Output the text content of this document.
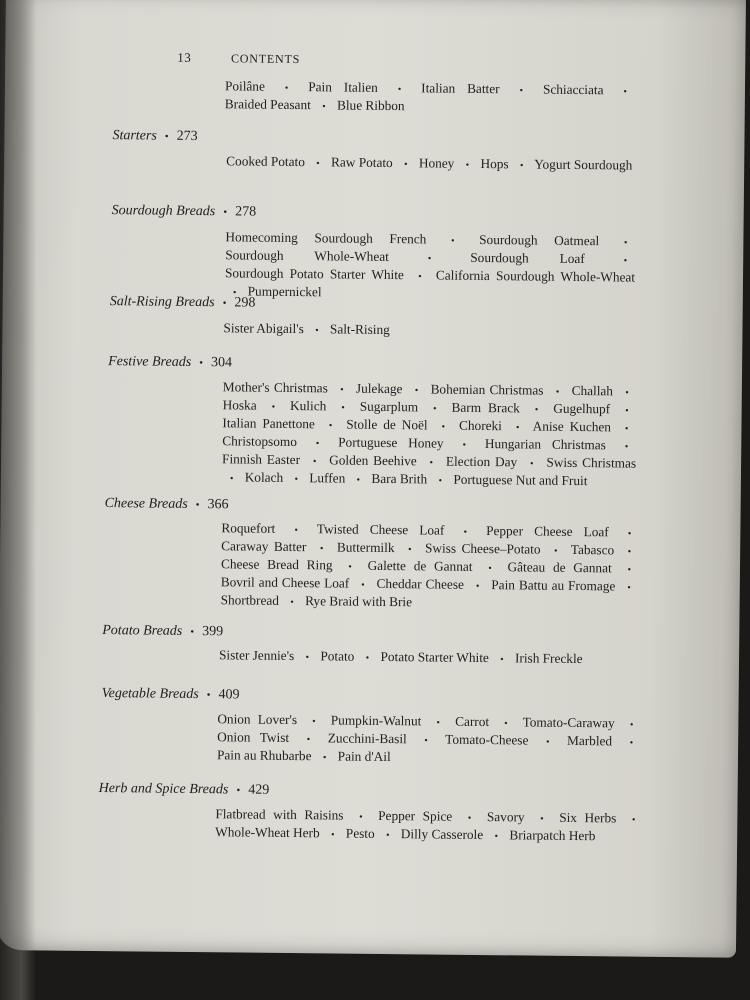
13	CONTENTS
Poilâne • Pain Italien • Italian Batter • Schiacciata • Braided Peasant • Blue Ribbon
Starters • 273
Cooked Potato • Raw Potato • Honey • Hops • Yogurt Sourdough
Sourdough Breads • 278
Homecoming Sourdough French • Sourdough Oatmeal • Sourdough Whole-Wheat	•	Sourdough Loaf	• Sourdough Potato Starter White • California Sourdough Whole-Wheat • Pumpernickel
Salt-Rising Breads • 298
Sister Abigail's • Salt-Rising
Festive Breads • 304
Mother's Christmas • Julekage • Bohemian Christmas • Challah • Hoska • Kulich • Sugarplum • Barm Brack • Gugelhupf • Italian Panettone • Stolle de Noël • Choreki • Anise Kuchen • Christopsomo • Portuguese Honey • Hungarian Christmas • Finnish Easter • Golden Beehive • Election Day • Swiss Christmas • Kolach • Luffen • Bara Brith • Portuguese Nut and Fruit
Cheese Breads • 366
Roquefort • Twisted Cheese Loaf • Pepper Cheese Loaf • Caraway Batter • Buttermilk • Swiss Cheese–Potato • Tabasco • Cheese Bread Ring • Galette de Gannat • Gâteau de Gannat • Bovril and Cheese Loaf • Cheddar Cheese • Pain Battu au Fromage • Shortbread • Rye Braid with Brie
Potato Breads • 399
Sister Jennie's • Potato • Potato Starter White • Irish Freckle
Vegetable Breads • 409
Onion Lover's • Pumpkin-Walnut • Carrot • Tomato-Caraway • Onion Twist • Zucchini-Basil • Tomato-Cheese • Marbled • Pain au Rhubarbe • Pain d'Ail
Herb and Spice Breads • 429
Flatbread with Raisins • Pepper Spice • Savory • Six Herbs • Whole-Wheat Herb • Pesto • Dilly Casserole • Briarpatch Herb
